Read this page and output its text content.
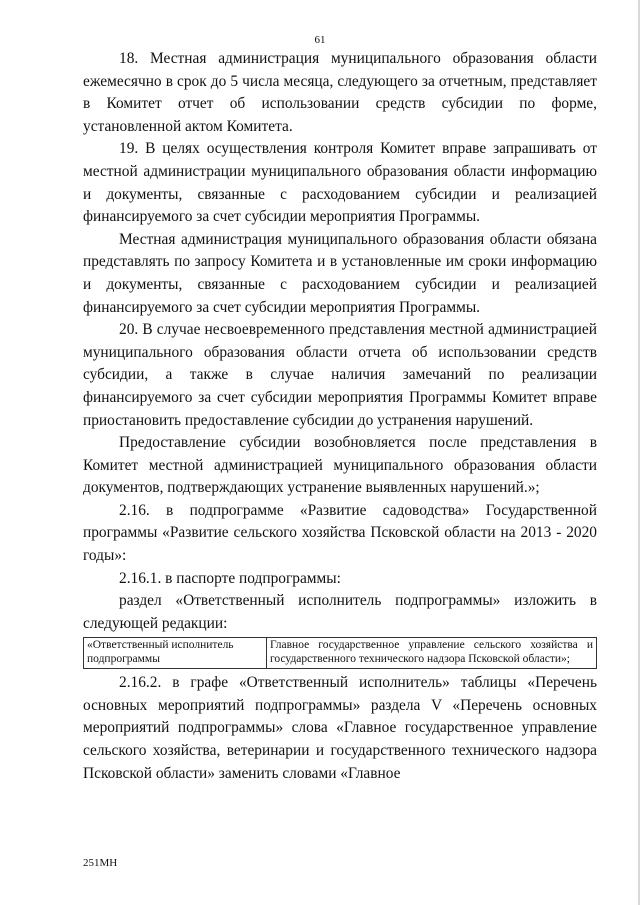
61

18. Местная администрация муниципального образования области ежемесячно в срок до 5 числа месяца, следующего за отчетным, представляет в Комитет отчет об использовании средств субсидии по форме, установленной актом Комитета.

19. В целях осуществления контроля Комитет вправе запрашивать от местной администрации муниципального образования области информацию и документы, связанные с расходованием субсидии и реализацией финансируемого за счет субсидии мероприятия Программы.

Местная администрация муниципального образования области обязана представлять по запросу Комитета и в установленные им сроки информацию и документы, связанные с расходованием субсидии и реализацией финансируемого за счет субсидии мероприятия Программы.

20. В случае несвоевременного представления местной администрацией муниципального образования области отчета об использовании средств субсидии, а также в случае наличия замечаний по реализации финансируемого за счет субсидии мероприятия Программы Комитет вправе приостановить предоставление субсидии до устранения нарушений.

Предоставление субсидии возобновляется после представления в Комитет местной администрацией муниципального образования области документов, подтверждающих устранение выявленных нарушений.»;

2.16. в подпрограмме «Развитие садоводства» Государственной программы «Развитие сельского хозяйства Псковской области на 2013 - 2020 годы»:

2.16.1. в паспорте подпрограммы:

раздел «Ответственный исполнитель подпрограммы» изложить в следующей редакции:

«Ответственный исполнитель подпрограммы	Главное государственное управление сельского хозяйства и государственного технического надзора Псковской области»;

2.16.2. в графе «Ответственный исполнитель» таблицы «Перечень основных мероприятий подпрограммы» раздела V «Перечень основных мероприятий подпрограммы» слова «Главное государственное управление сельского хозяйства, ветеринарии и государственного технического надзора Псковской области» заменить словами «Главное

251МН
